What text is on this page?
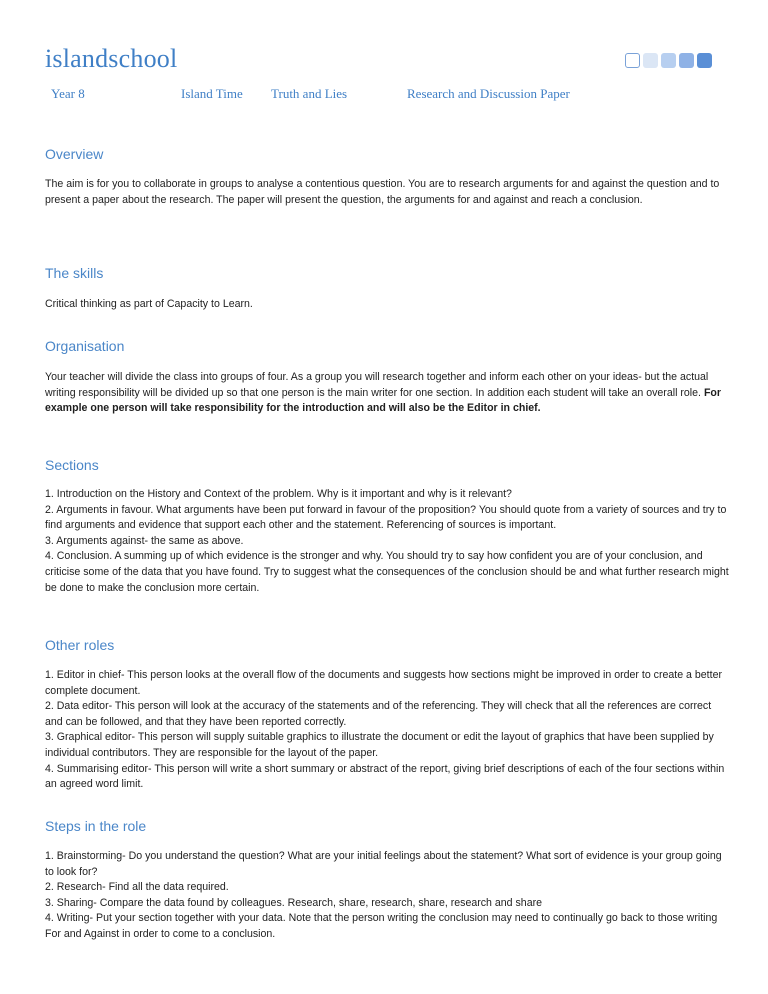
islandschool
Year 8	Island Time Truth and Lies	Research and Discussion Paper
Overview

The aim is for you to collaborate in groups to analyse a contentious question. You are to research arguments for and against the question and to present a paper about the research. The paper will present the question, the arguments for and against and reach a conclusion.

The skills

Critical thinking as part of Capacity to Learn.

Organisation

Your teacher will divide the class into groups of four. As a group you will research together and inform each other on your ideas- but the actual writing responsibility will be divided up so that one person is the main writer for one section. In addition each student will take an overall role. For example one person will take responsibility for the introduction and will also be the Editor in chief.

Sections

1. Introduction on the History and Context of the problem. Why is it important and why is it relevant?

2. Arguments in favour. What arguments have been put forward in favour of the proposition? You should quote from a variety of sources and try to find arguments and evidence that support each other and the statement. Referencing of sources is important.

3. Arguments against- the same as above.

4. Conclusion. A summing up of which evidence is the stronger and why. You should try to say how confident you are of your conclusion, and criticise some of the data that you have found. Try to suggest what the consequences of the conclusion should be and what further research might be done to make the conclusion more certain.

Other roles

1. Editor in chief- This person looks at the overall flow of the documents and suggests how sections might be improved in order to create a better complete document.

2. Data editor- This person will look at the accuracy of the statements and of the referencing. They will check that all the references are correct and can be followed, and that they have been reported correctly.

3. Graphical editor- This person will supply suitable graphics to illustrate the document or edit the layout of graphics that have been supplied by individual contributors. They are responsible for the layout of the paper.

4. Summarising editor- This person will write a short summary or abstract of the report, giving brief descriptions of each of the four sections within an agreed word limit.

Steps in the role

1. Brainstorming- Do you understand the question? What are your initial feelings about the statement? What sort of evidence is your group going to look for?

2. Research- Find all the data required.

3. Sharing- Compare the data found by colleagues. Research, share, research, share, research and share

4. Writing- Put your section together with your data. Note that the person writing the conclusion may need to continually go back to those writing For and Against in order to come to a conclusion.
